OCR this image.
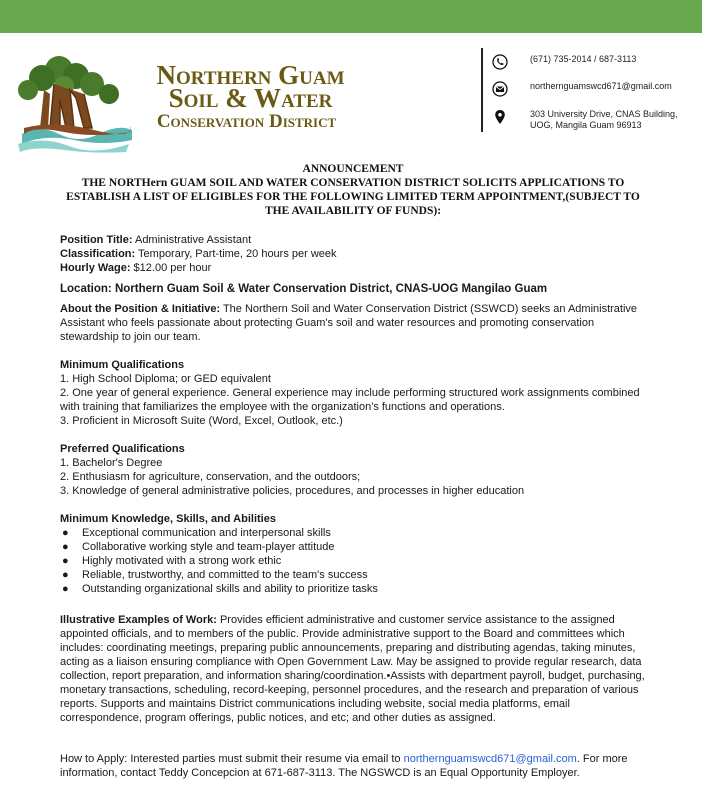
Northern Guam
Soil & Water
Conservation District
(671) 735-2014 / 687-3113
northernguamswcd671@gmail.com
303 University Drive, CNAS Building,
UOG, Mangila Guam 96913
ANNOUNCEMENT
THE NORTHern GUAM SOIL AND WATER CONSERVATION DISTRICT SOLICITS APPLICATIONS TO
ESTABLISH A LIST OF ELIGIBLES FOR THE FOLLOWING LIMITED TERM APPOINTMENT,(SUBJECT TO
THE AVAILABILITY OF FUNDS):
Position Title: Administrative Assistant
Classification: Temporary, Part-time, 20 hours per week
Hourly Wage: $12.00 per hour
Location: Northern Guam Soil & Water Conservation District, CNAS-UOG Mangilao Guam
About the Position & Initiative: The Northern Soil and Water Conservation District (SSWCD) seeks an Administrative Assistant who feels passionate about protecting Guam's soil and water resources and promoting conservation stewardship to join our team.
Minimum Qualifications
1. High School Diploma; or GED equivalent
2. One year of general experience. General experience may include performing structured work assignments combined with training that familiarizes the employee with the organization's functions and operations.
3. Proficient in Microsoft Suite (Word, Excel, Outlook, etc.)
Preferred Qualifications
1. Bachelor's Degree
2. Enthusiasm for agriculture, conservation, and the outdoors;
3. Knowledge of general administrative policies, procedures, and processes in higher education
Minimum Knowledge, Skills, and Abilities
●	Exceptional communication and interpersonal skills
●	Collaborative working style and team-player attitude
●	Highly motivated with a strong work ethic
●	Reliable, trustworthy, and committed to the team's success
●	Outstanding organizational skills and ability to prioritize tasks
Illustrative Examples of Work: Provides efficient administrative and customer service assistance to the assigned appointed officials, and to members of the public. Provide administrative support to the Board and committees which includes: coordinating meetings, preparing public announcements, preparing and distributing agendas, taking minutes, acting as a liaison ensuring compliance with Open Government Law. May be assigned to provide regular research, data collection, report preparation, and information sharing/coordination.•Assists with department payroll, budget, purchasing, monetary transactions, scheduling, record-keeping, personnel procedures, and the research and preparation of various reports. Supports and maintains District communications including website, social media platforms, email correspondence, program offerings, public notices, and etc; and other duties as assigned.
How to Apply: Interested parties must submit their resume via email to northernguamswcd671@gmail.com. For more information, contact Teddy Concepcion at 671-687-3113. The NGSWCD is an Equal Opportunity Employer.
